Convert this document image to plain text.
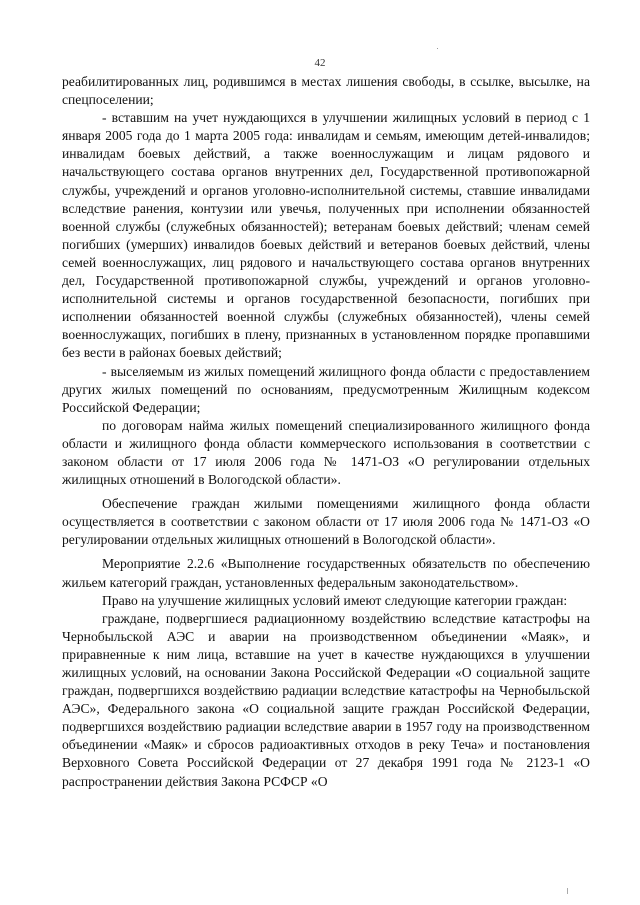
42

реабилитированных лиц, родившимся в местах лишения свободы, в ссылке, высылке, на спецпоселении;

- вставшим на учет нуждающихся в улучшении жилищных условий в период с 1 января 2005 года до 1 марта 2005 года: инвалидам и семьям, имеющим детей-инвалидов; инвалидам боевых действий, а также военнослужащим и лицам рядового и начальствующего состава органов внутренних дел, Государственной противопожарной службы, учреждений и органов уголовно-исполнительной системы, ставшие инвалидами вследствие ранения, контузии или увечья, полученных при исполнении обязанностей военной службы (служебных обязанностей); ветеранам боевых действий; членам семей погибших (умерших) инвалидов боевых действий и ветеранов боевых действий, члены семей военнослужащих, лиц рядового и начальствующего состава органов внутренних дел, Государственной противопожарной службы, учреждений и органов уголовно-исполнительной системы и органов государственной безопасности, погибших при исполнении обязанностей военной службы (служебных обязанностей), члены семей военнослужащих, погибших в плену, признанных в установленном порядке пропавшими без вести в районах боевых действий;

- выселяемым из жилых помещений жилищного фонда области с предоставлением других жилых помещений по основаниям, предусмотренным Жилищным кодексом Российской Федерации;

по договорам найма жилых помещений специализированного жилищного фонда области и жилищного фонда области коммерческого использования в соответствии с законом области от 17 июля 2006 года № 1471-ОЗ «О регулировании отдельных жилищных отношений в Вологодской области».

Обеспечение граждан жилыми помещениями жилищного фонда области осуществляется в соответствии с законом области от 17 июля 2006 года № 1471-ОЗ «О регулировании отдельных жилищных отношений в Вологодской области».

Мероприятие 2.2.6 «Выполнение государственных обязательств по обеспечению жильем категорий граждан, установленных федеральным законодательством».

Право на улучшение жилищных условий имеют следующие категории граждан:

граждане, подвергшиеся радиационному воздействию вследствие катастрофы на Чернобыльской АЭС и аварии на производственном объединении «Маяк», и приравненные к ним лица, вставшие на учет в качестве нуждающихся в улучшении жилищных условий, на основании Закона Российской Федерации «О социальной защите граждан, подвергшихся воздействию радиации вследствие катастрофы на Чернобыльской АЭС», Федерального закона «О социальной защите граждан Российской Федерации, подвергшихся воздействию радиации вследствие аварии в 1957 году на производственном объединении «Маяк» и сбросов радиоактивных отходов в реку Теча» и постановления Верховного Совета Российской Федерации от 27 декабря 1991 года № 2123-1 «О распространении действия Закона РСФСР «О
